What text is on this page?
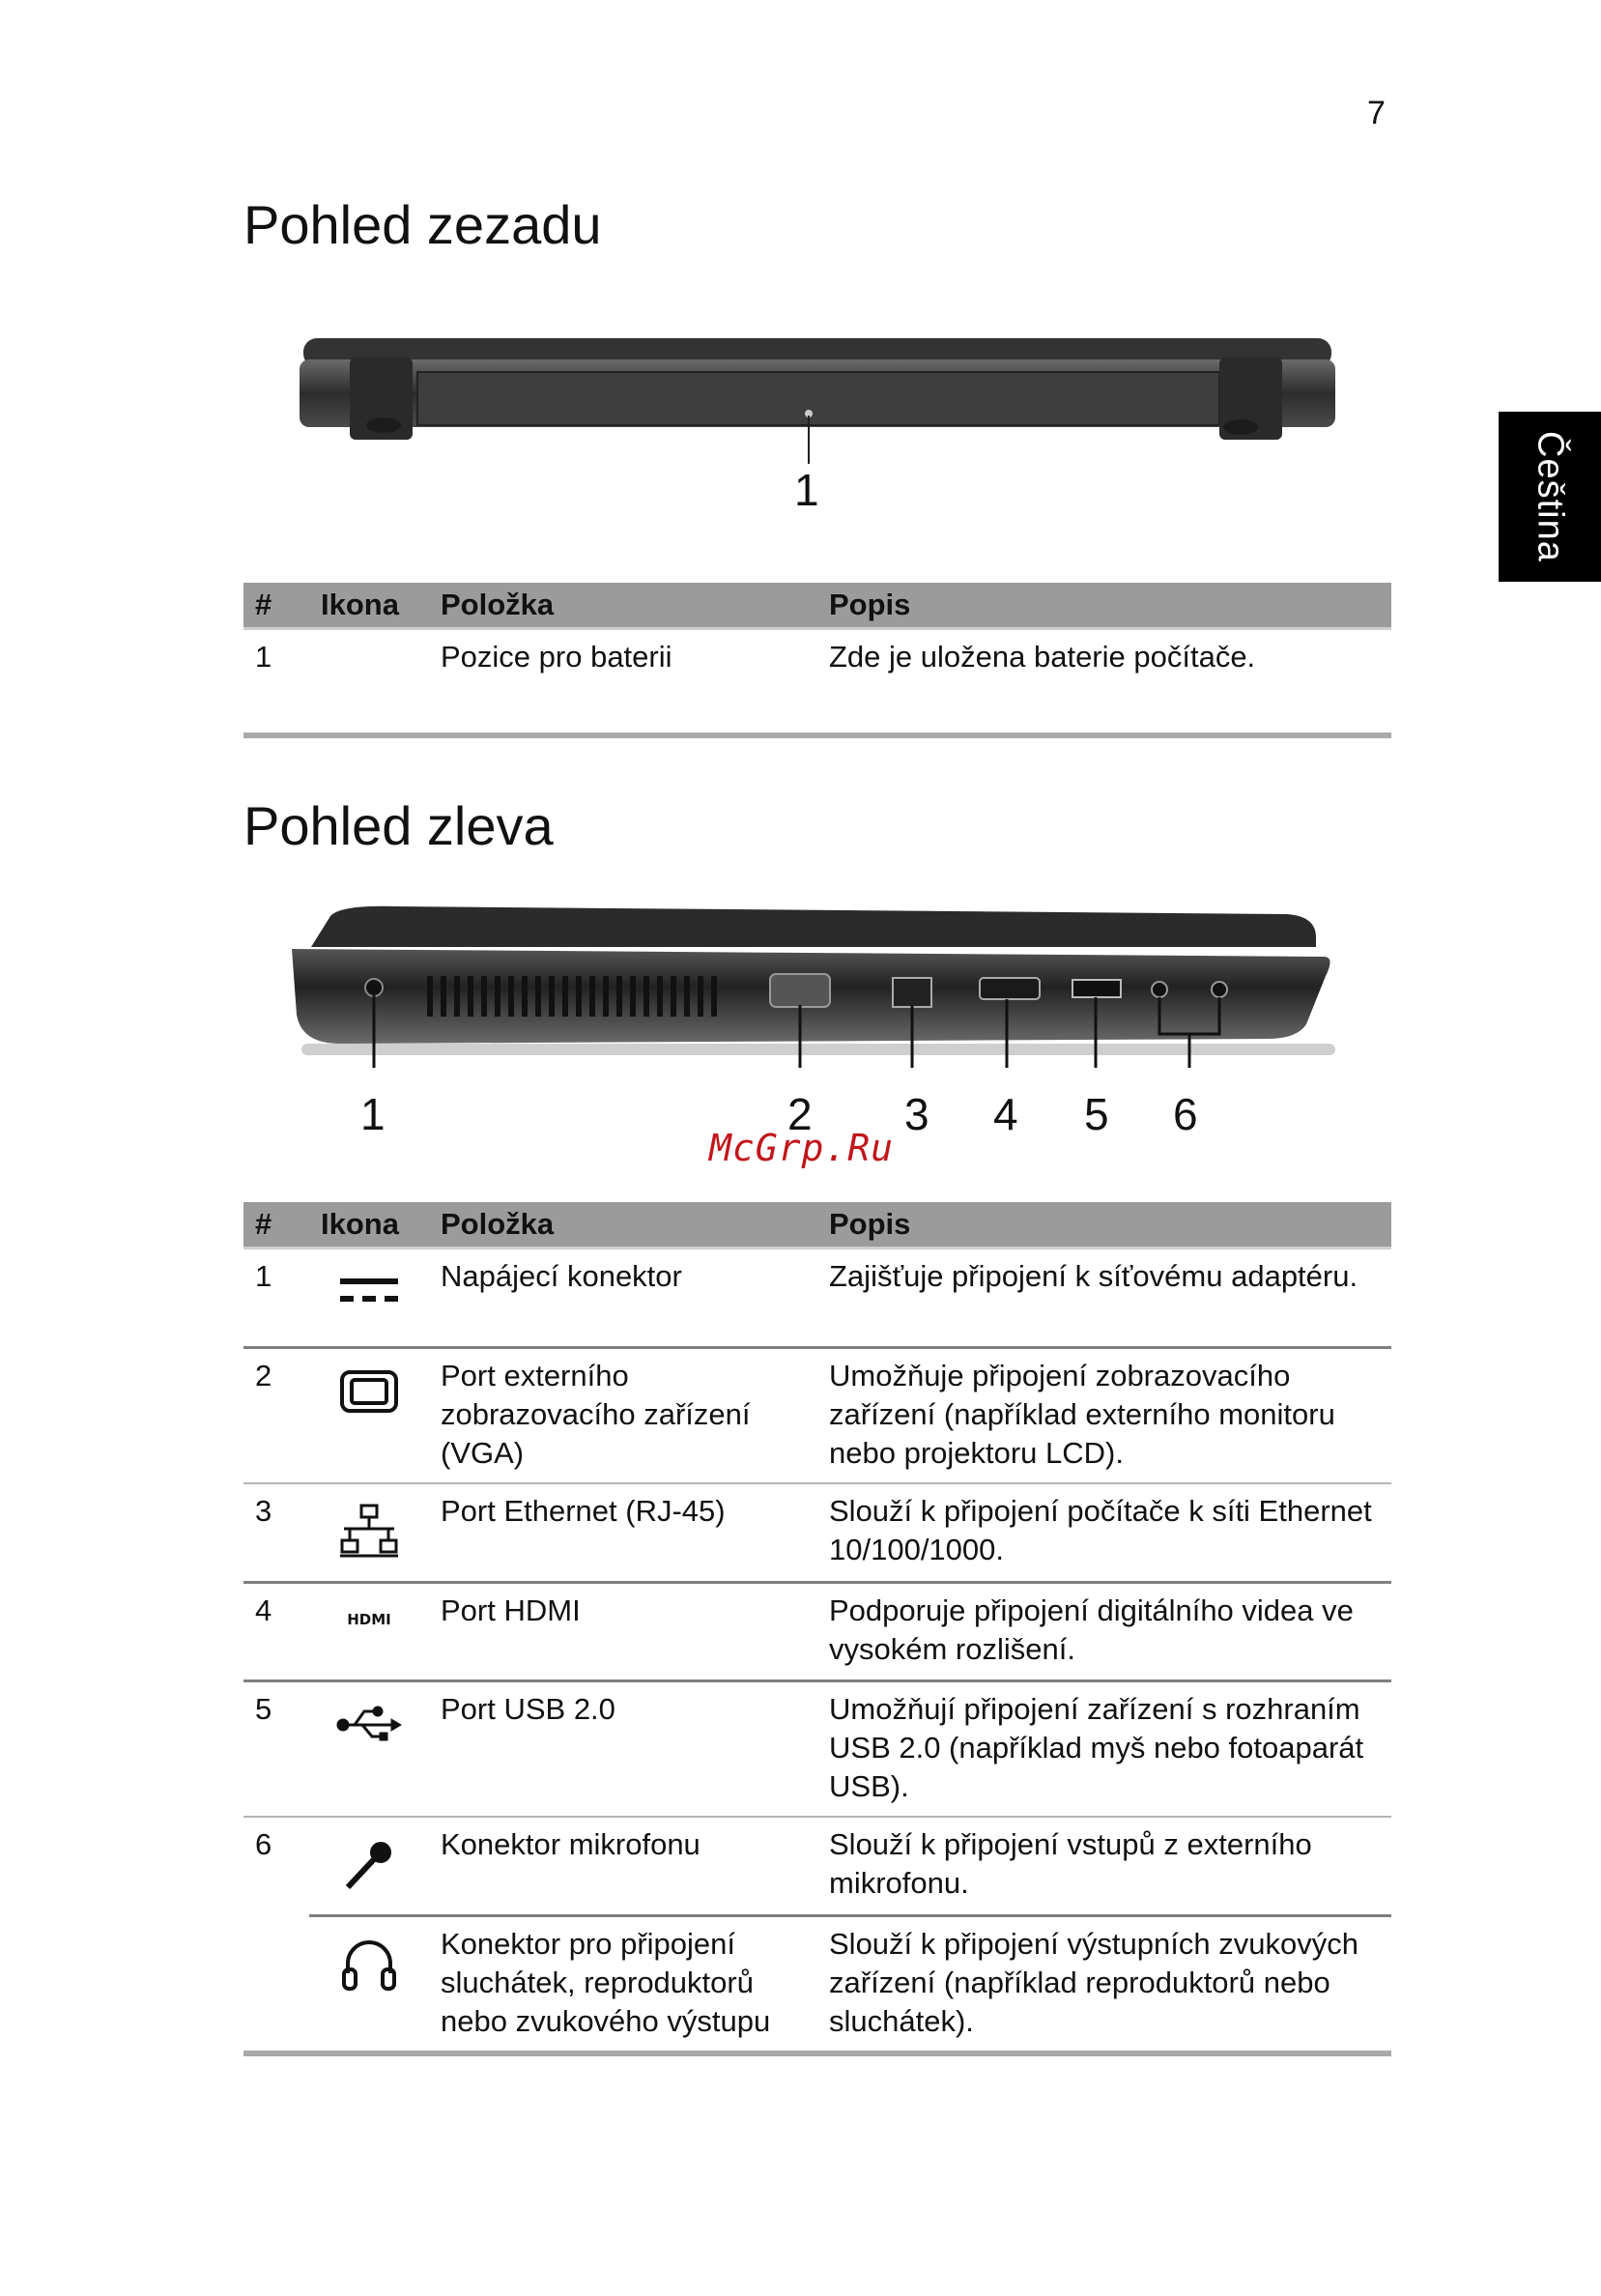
7
Čeština
Pohled zezadu
1
#	Ikona	Položka	Popis
1		Pozice pro baterii	Zde je uložena baterie počítače.
Pohled zleva
1	2 3 4 5 6
McGrp.Ru
#	Ikona	Položka	Popis
1		Napájecí konektor	Zajišťuje připojení k síťovému adaptéru.
2		Port externího zobrazovacího zařízení (VGA)	Umožňuje připojení zobrazovacího zařízení (například externího monitoru nebo projektoru LCD).
3		Port Ethernet (RJ-45)	Slouží k připojení počítače k síti Ethernet 10/100/1000.
4	HDMI	Port HDMI	Podporuje připojení digitálního videa ve vysokém rozlišení.
5		Port USB 2.0	Umožňují připojení zařízení s rozhraním USB 2.0 (například myš nebo fotoaparát USB).
6		Konektor mikrofonu	Slouží k připojení vstupů z externího mikrofonu.
		Konektor pro připojení sluchátek, reproduktorů nebo zvukového výstupu	Slouží k připojení výstupních zvukových zařízení (například reproduktorů nebo sluchátek).
